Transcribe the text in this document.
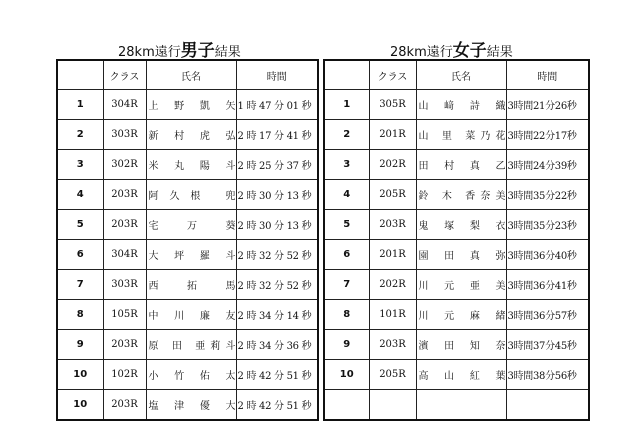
28km遠行男子結果	28km遠行女子結果
	クラス	氏名	時間
1	304R	上 野 凱 矢	1 時 47 分 01 秒
2	303R	新 村 虎 弘	2 時 17 分 41 秒
3	302R	米 丸 陽 斗	2 時 25 分 37 秒
4	203R	阿久根 兜	2 時 30 分 13 秒
5	203R	宅 万 葵	2 時 30 分 13 秒
6	304R	大 坪 羅 斗	2 時 32 分 52 秒
7	303R	西 拓 馬	2 時 32 分 52 秒
8	105R	中 川 廉 友	2 時 34 分 14 秒
9	203R	原 田 亜莉斗	2 時 34 分 36 秒
10	102R	小 竹 佑 太	2 時 42 分 51 秒
10	203R	塩 津 優 大	2 時 42 分 51 秒
	クラス	氏名	時間
1	305R	山 﨑 詩 織	3時間21分26秒
2	201R	山 里 菜乃花	3時間22分17秒
3	202R	田 村 真 乙	3時間24分39秒
4	205R	鈴 木 香奈美	3時間35分22秒
5	203R	鬼 塚 梨 衣	3時間35分23秒
6	201R	園 田 真 弥	3時間36分40秒
7	202R	川 元 亜 美	3時間36分41秒
8	101R	川 元 麻 緒	3時間36分57秒
9	203R	濱 田 知 奈	3時間37分45秒
10	205R	高 山 紅 葉	3時間38分56秒
